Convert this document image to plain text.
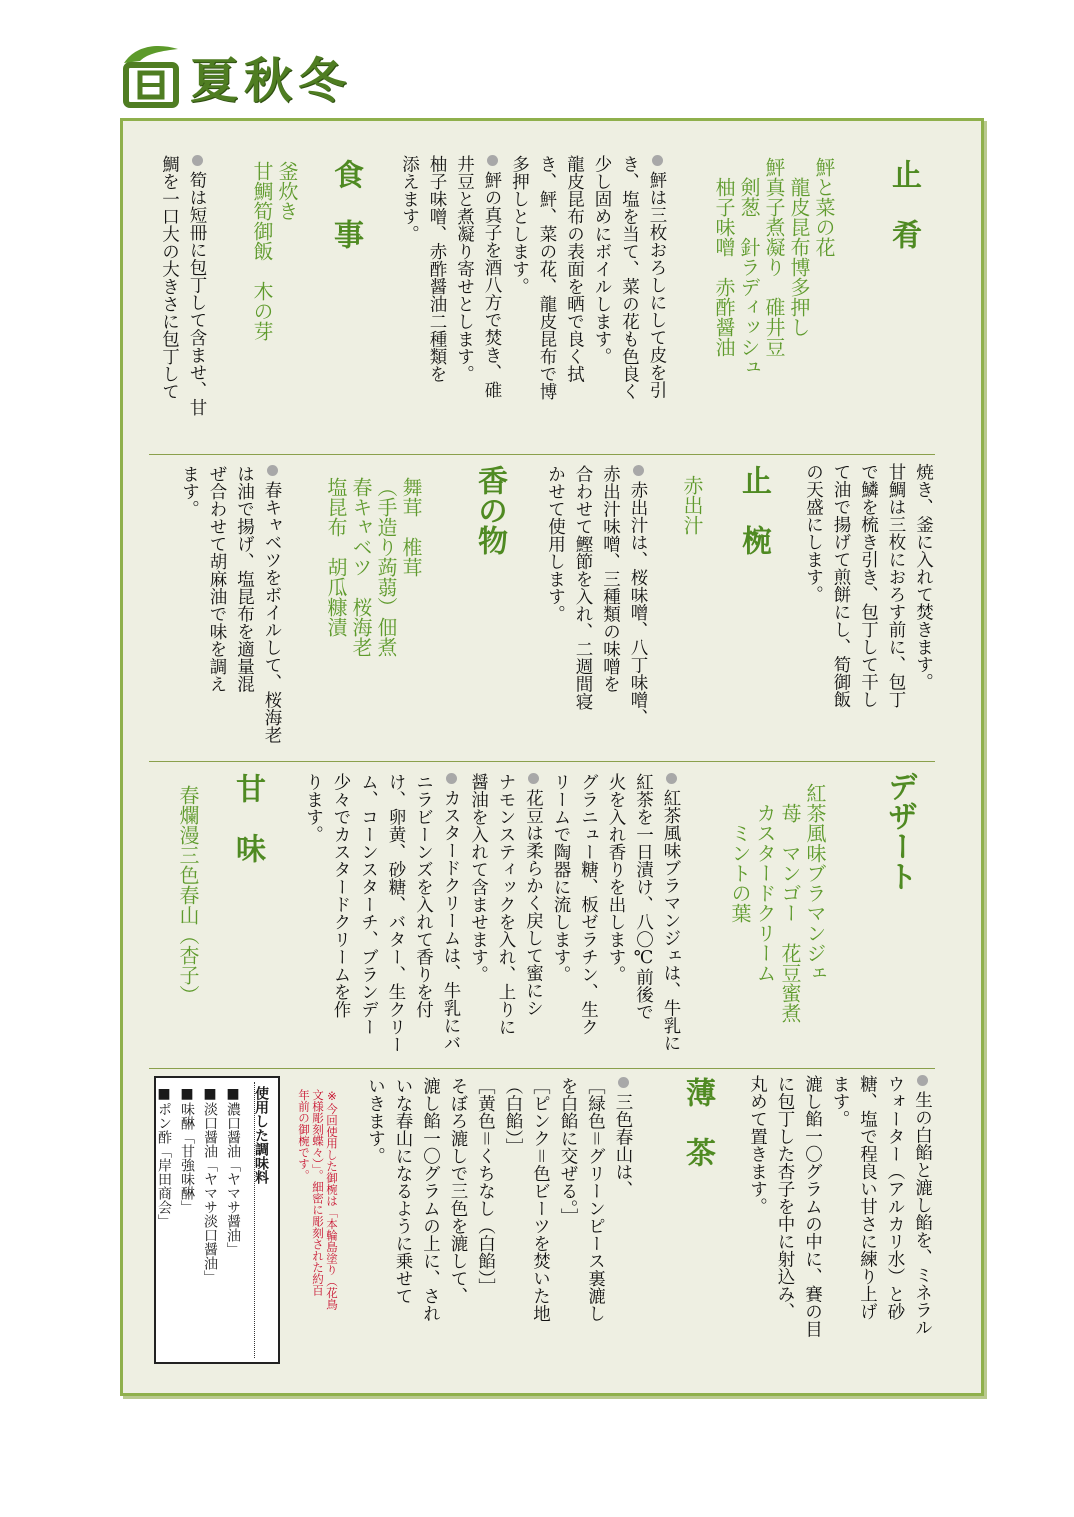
夏秋冬
止　肴
鮃と菜の花
　龍皮昆布博多押し
鮃真子煮凝り　碓井豆
　剣葱　針ラディッシュ
　柚子味噌　赤酢醤油
鮃は三枚おろしにして皮を引
き、塩を当て、菜の花も色良く
少し固めにボイルします。
龍皮昆布の表面を晒で良く拭
き、鮃、菜の花、龍皮昆布で博
多押しとします。
鮃の真子を酒八方で焚き、碓
井豆と煮凝り寄せとします。
柚子味噌、赤酢醤油二種類を
添えます。
食　事
釜炊き
甘鯛筍御飯　木の芽
筍は短冊に包丁して含ませ、甘
鯛を一口大の大きさに包丁して
焼き、釜に入れて焚きます。
甘鯛は三枚におろす前に、包丁
で鱗を梳き引き、包丁して干し
て油で揚げて煎餅にし、筍御飯
の天盛にします。
止　椀
赤出汁
赤出汁は、桜味噌、八丁味噌、
赤出汁味噌、三種類の味噌を
合わせて鰹節を入れ、二週間寝
かせて使用します。
香の物
舞茸　椎茸
（手造り蒟蒻）佃煮
春キャベツ　桜海老
塩昆布　胡瓜糠漬
春キャベツをボイルして、桜海老
は油で揚げ、塩昆布を適量混
ぜ合わせて胡麻油で味を調え
ます。
デザート
紅茶風味ブラマンジェ
　苺　マンゴー　花豆蜜煮
　カスタードクリーム
　　ミントの葉
紅茶風味ブラマンジェは、牛乳に
紅茶を一日漬け、八〇℃前後で
火を入れ香りを出します。
グラニュー糖、板ゼラチン、生ク
リームで陶器に流します。
花豆は柔らかく戻して蜜にシ
ナモンスティックを入れ、上りに
醤油を入れて含ませます。
カスタードクリームは、牛乳にバ
ニラビーンズを入れて香りを付
け、卵黄、砂糖、バター、生クリー
ム、コーンスターチ、ブランデー
少々でカスタードクリームを作
ります。
甘　味
春爛漫三色春山（杏子）
生の白餡と漉し餡を、ミネラル
ウォーター（アルカリ水）と砂
糖、塩で程良い甘さに練り上げ
ます。
漉し餡一〇グラムの中に、賽の目
に包丁した杏子を中に射込み、
丸めて置きます。
薄　茶
三色春山は、
［緑色＝グリーンピース裏漉し
を白餡に交ぜる。］
［ピンク＝色ビーツを焚いた地
（白餡）］
［黄色＝くちなし（白餡）］
そぼろ漉しで三色を漉して、
漉し餡一〇グラムの上に、され
いな春山になるように乗せて
いきます。
※今回使用した御椀は「本輪島塗り（花鳥
文様彫刻蝶々）」。細密に彫刻された約百
年前の御椀です。
使用した調味料
■濃口醤油「ヤマサ醤油」
■淡口醤油「ヤマサ淡口醤油」
■味醂「甘強味醂」
■ポン酢「岸田商会」
